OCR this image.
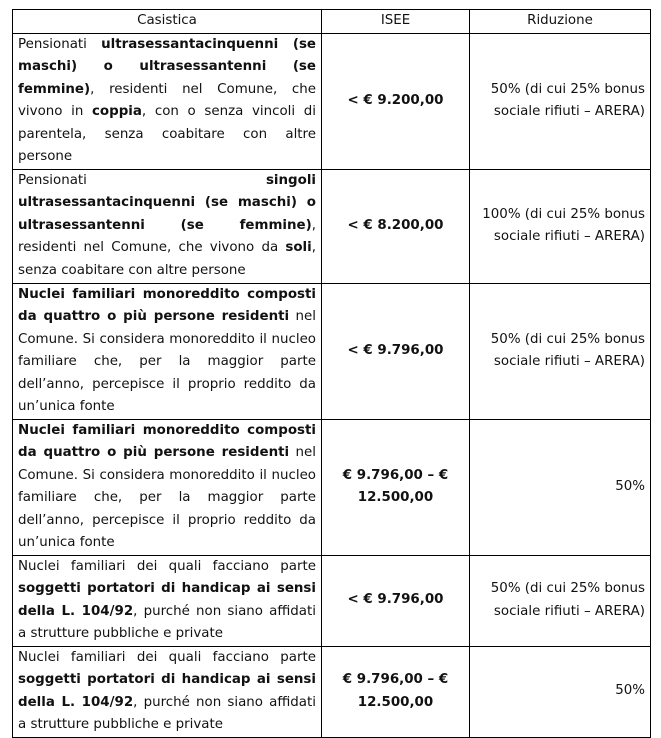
Casistica	ISEE	Riduzione
Pensionati ultrasessantacinquenni (se maschi) o ultrasessantenni (se femmine), residenti nel Comune, che vivono in coppia, con o senza vincoli di parentela, senza coabitare con altre persone	< € 9.200,00	50% (di cui 25% bonus sociale rifiuti – ARERA)
Pensionati singoli ultrasessantacinquenni (se maschi) o ultrasessantenni (se femmine), residenti nel Comune, che vivono da soli, senza coabitare con altre persone	< € 8.200,00	100% (di cui 25% bonus sociale rifiuti – ARERA)
Nuclei familiari monoreddito composti da quattro o più persone residenti nel Comune. Si considera monoreddito il nucleo familiare che, per la maggior parte dell’anno, percepisce il proprio reddito da un’unica fonte	< € 9.796,00	50% (di cui 25% bonus sociale rifiuti – ARERA)
Nuclei familiari monoreddito composti da quattro o più persone residenti nel Comune. Si considera monoreddito il nucleo familiare che, per la maggior parte dell’anno, percepisce il proprio reddito da un’unica fonte	€ 9.796,00 – € 12.500,00	50%
Nuclei familiari dei quali facciano parte soggetti portatori di handicap ai sensi della L. 104/92, purché non siano affidati a strutture pubbliche e private	< € 9.796,00	50% (di cui 25% bonus sociale rifiuti – ARERA)
Nuclei familiari dei quali facciano parte soggetti portatori di handicap ai sensi della L. 104/92, purché non siano affidati a strutture pubbliche e private	€ 9.796,00 – € 12.500,00	50%
